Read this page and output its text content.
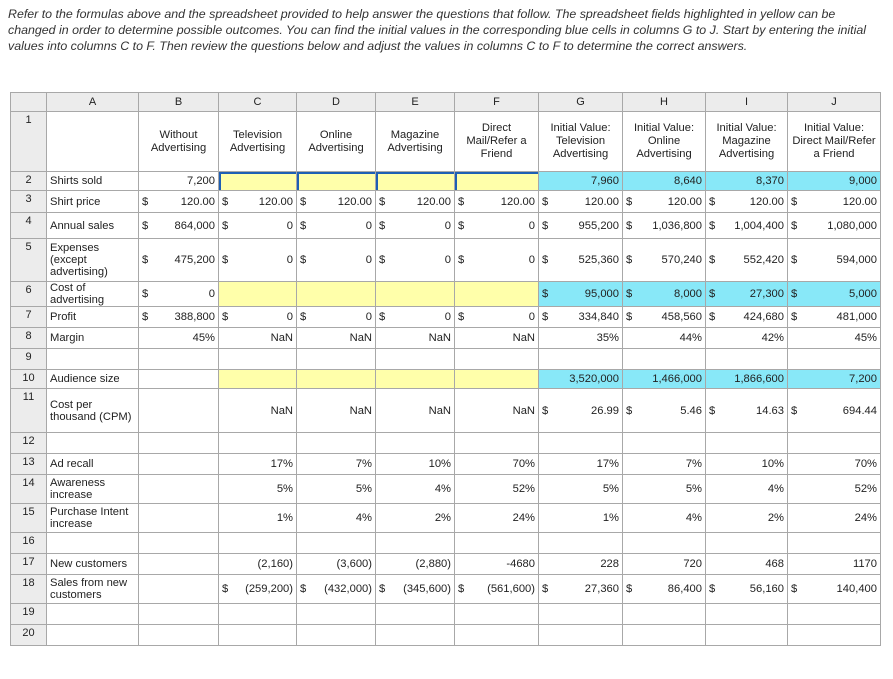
Refer to the formulas above and the spreadsheet provided to help answer the questions that follow. The spreadsheet fields highlighted in yellow can be changed in order to determine possible outcomes. You can find the initial values in the corresponding blue cells in columns G to J. Start by entering the initial values into columns C to F. Then review the questions below and adjust the values in columns C to F to determine the correct answers.

	A	B	C	D	E	F	G	H	I	J
1		Without Advertising	Television Advertising	Online Advertising	Magazine Advertising	Direct Mail/Refer a Friend	Initial Value: Television Advertising	Initial Value: Online Advertising	Initial Value: Magazine Advertising	Initial Value: Direct Mail/Refer a Friend
2	Shirts sold	7,200					7,960	8,640	8,370	9,000
3	Shirt price	$ 120.00	$ 120.00	$ 120.00	$ 120.00	$ 120.00	$ 120.00	$ 120.00	$ 120.00	$ 120.00

4	Annual sales	$ 864,000	$ 0	$ 0	$ 0	$ 0	$ 955,200	$ 1,036,800	$ 1,004,400	$ 1,080,000

5	Expenses (except advertising)	$ 475,200	$ 0	$ 0	$ 0	$ 0	$ 525,360	$ 570,240	$ 552,420	$ 594,000

6	Cost of advertising	$ 0					$ 95,000	$ 8,000	$ 27,300	$ 5,000

7	Profit	$ 388,800	$ 0	$ 0	$ 0	$ 0	$ 334,840	$ 458,560	$ 424,680	$ 481,000

8	Margin	45%	NaN	NaN	NaN	NaN	35%	44%	42%	45%
9										
10	Audience size						3,520,000	1,466,000	1,866,600	7,200
11	Cost per thousand (CPM)		NaN	NaN	NaN	NaN	$ 26.99	$ 5.46	$ 14.63	$ 694.44

12										
13	Ad recall		17%	7%	10%	70%	17%	7%	10%	70%
14	Awareness increase		5%	5%	4%	52%	5%	5%	4%	52%
15	Purchase Intent increase		1%	4%	2%	24%	1%	4%	2%	24%
16										
17	New customers		(2,160)	(3,600)	(2,880)	-4680	228	720	468	1170
18	Sales from new customers		$ (259,200)	$ (432,000)	$ (345,600)	$ (561,600)	$ 27,360	$ 86,400	$ 56,160	$ 140,400

19										
20										
